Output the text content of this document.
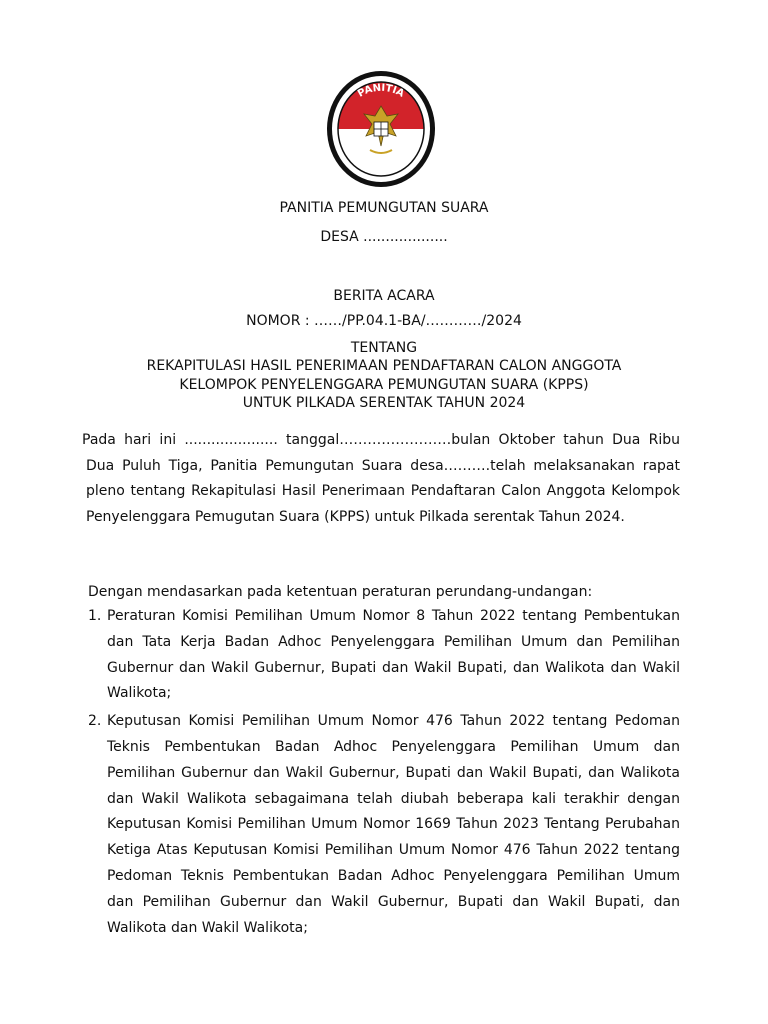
PANITIA
PEMUNGUTAN SUARA
PANITIA PEMUNGUTAN SUARA
DESA ...................
BERITA ACARA
NOMOR : ……/PP.04.1-BA/…………/2024
TENTANG
REKAPITULASI HASIL PENERIMAAN PENDAFTARAN CALON ANGGOTA
KELOMPOK PENYELENGGARA PEMUNGUTAN SUARA (KPPS)
UNTUK PILKADA SERENTAK TAHUN 2024
Pada hari ini ..................... tanggal……………………bulan Oktober tahun Dua Ribu
Dua Puluh Tiga, Panitia Pemungutan Suara desa……….telah melaksanakan rapat pleno tentang Rekapitulasi Hasil Penerimaan Pendaftaran Calon Anggota Kelompok Penyelenggara Pemugutan Suara (KPPS) untuk Pilkada serentak Tahun 2024.
Dengan mendasarkan pada ketentuan peraturan perundang-undangan:
1. Peraturan Komisi Pemilihan Umum Nomor 8 Tahun 2022 tentang Pembentukan dan Tata Kerja Badan Adhoc Penyelenggara Pemilihan Umum dan Pemilihan Gubernur dan Wakil Gubernur, Bupati dan Wakil Bupati, dan Walikota dan Wakil Walikota;
2. Keputusan Komisi Pemilihan Umum Nomor 476 Tahun 2022 tentang Pedoman Teknis Pembentukan Badan Adhoc Penyelenggara Pemilihan Umum dan Pemilihan Gubernur dan Wakil Gubernur, Bupati dan Wakil Bupati, dan Walikota dan Wakil Walikota sebagaimana telah diubah beberapa kali terakhir dengan Keputusan Komisi Pemilihan Umum Nomor 1669 Tahun 2023 Tentang Perubahan Ketiga Atas Keputusan Komisi Pemilihan Umum Nomor 476 Tahun 2022 tentang Pedoman Teknis Pembentukan Badan Adhoc Penyelenggara Pemilihan Umum dan Pemilihan Gubernur dan Wakil Gubernur, Bupati dan Wakil Bupati, dan Walikota dan Wakil Walikota;
